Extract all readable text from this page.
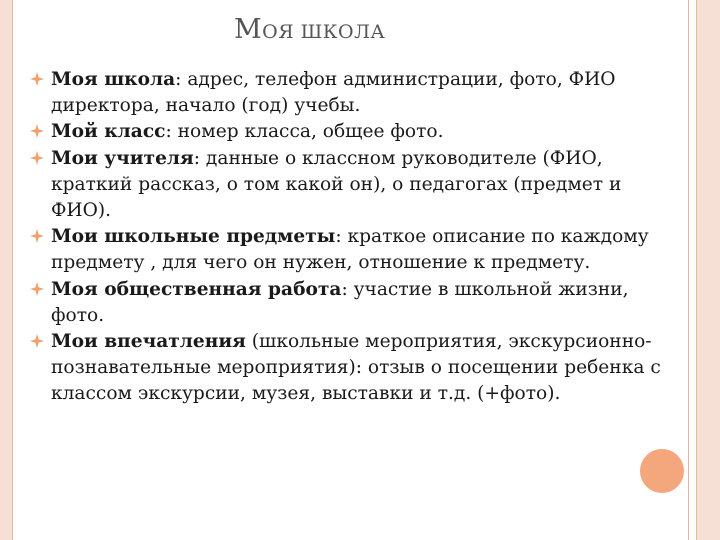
МОЯ ШКОЛА
Моя школа: адрес, телефон администрации, фото, ФИО директора, начало (год) учебы.
Мой класс: номер класса, общее фото.
Мои учителя: данные о классном руководителе (ФИО, краткий рассказ, о том какой он), о педагогах (предмет и ФИО).
Мои школьные предметы: краткое описание по каждому предмету , для чего он нужен, отношение к предмету.
Моя общественная работа: участие в школьной жизни, фото.
Мои впечатления (школьные мероприятия, экскурсионно-познавательные мероприятия): отзыв о посещении ребенка с классом экскурсии, музея, выставки и т.д. (+фото).
